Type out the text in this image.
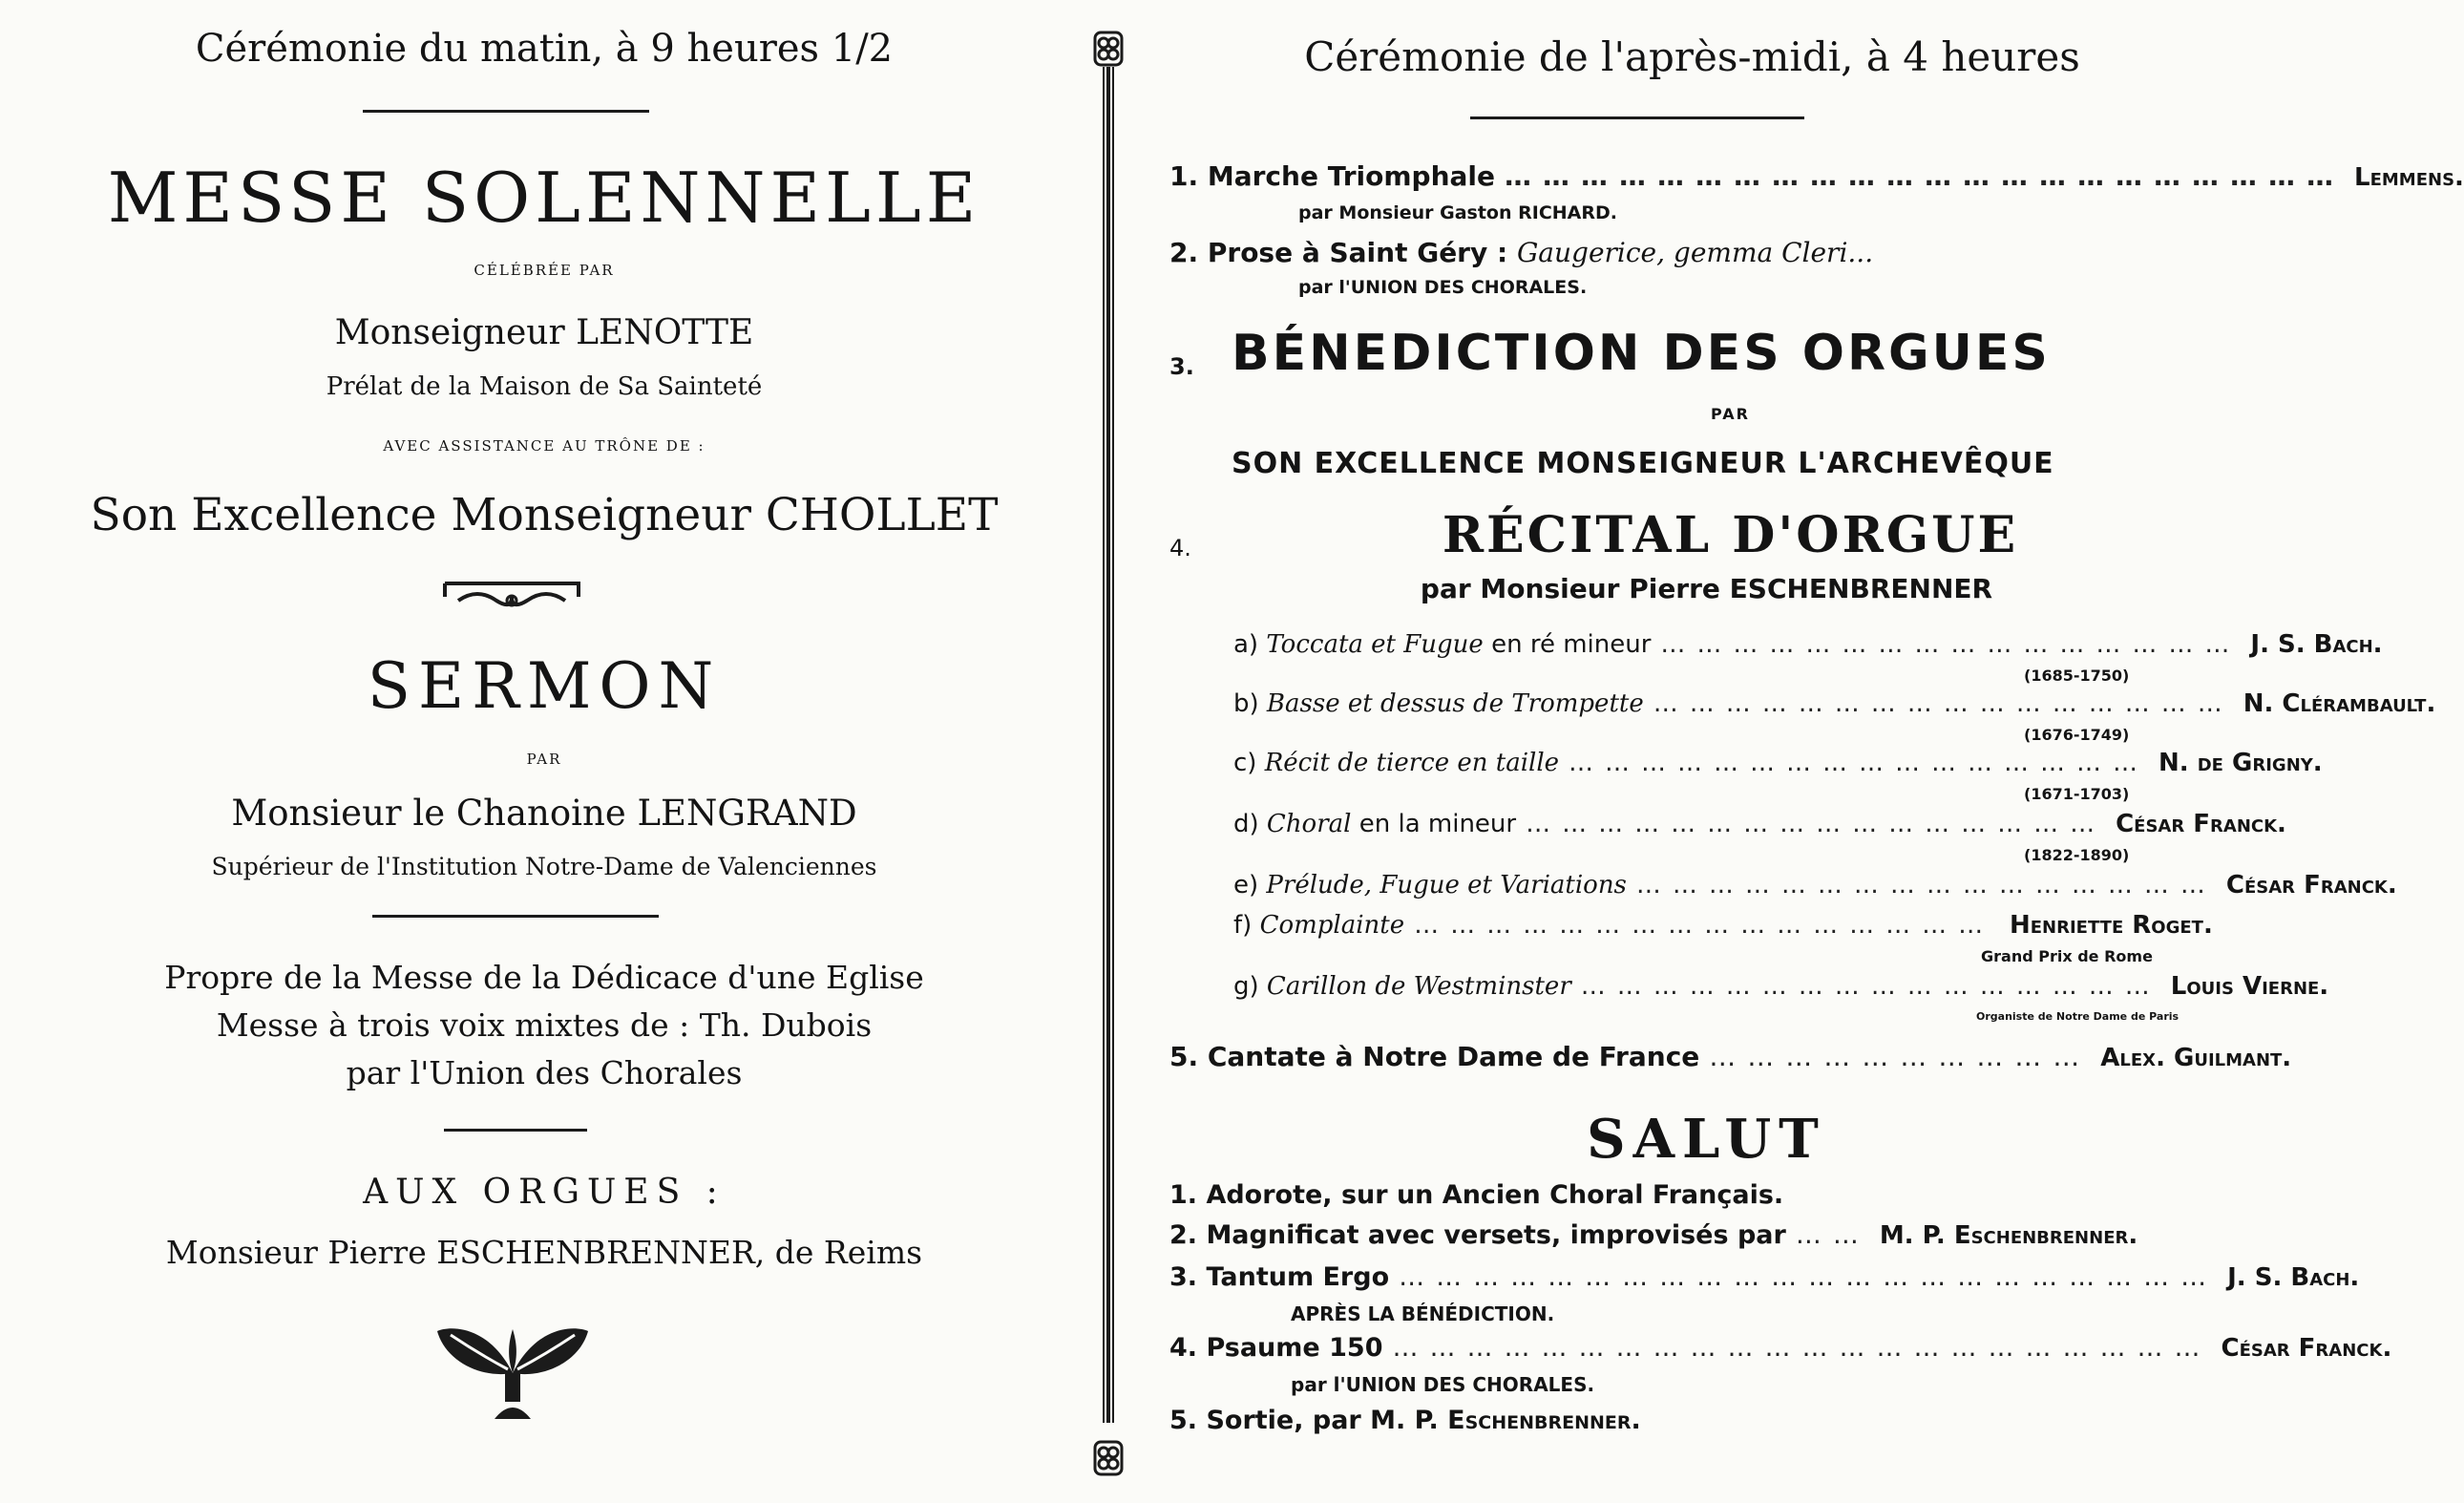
Cérémonie du matin, à 9 heures 1/2
MESSE SOLENNELLE
CÉLÉBRÉE PAR
Monseigneur LENOTTE
Prélat de la Maison de Sa Sainteté
AVEC ASSISTANCE AU TRÔNE DE :
Son Excellence Monseigneur CHOLLET
SERMON
PAR
Monsieur le Chanoine LENGRAND
Supérieur de l'Institution Notre-Dame de Valenciennes
Propre de la Messe de la Dédicace d'une Eglise
Messe à trois voix mixtes de : Th. Dubois
par l'Union des Chorales
AUX ORGUES :
Monsieur Pierre ESCHENBRENNER, de Reims
Cérémonie de l'après-midi, à 4 heures
1. Marche Triomphale ………………………………………………………… Lemmens.
par Monsieur Gaston RICHARD.
2. Prose à Saint Géry : Gaugerice, gemma Cleri...
par l'UNION DES CHORALES.
3. BÉNEDICTION DES ORGUES
PAR
SON EXCELLENCE MONSEIGNEUR L'ARCHEVÊQUE
4.	RÉCITAL D'ORGUE
par Monsieur Pierre ESCHENBRENNER
a) Toccata et Fugue en ré mineur ………………………………………… J. S. Bach.
(1685-1750)
b) Basse et dessus de Trompette ………………………………………… N. Clérambault.
(1676-1749)
c) Récit de tierce en taille ………………………………………… N. de Grigny.
(1671-1703)
d) Choral en la mineur ………………………………………… César Franck.
(1822-1890)
e) Prélude, Fugue et Variations ………………………………………… César Franck.
f) Complainte ………………………………………… Henriette Roget.
Grand Prix de Rome
g) Carillon de Westminster ………………………………………… Louis Vierne.
Organiste de Notre Dame de Paris
5. Cantate à Notre Dame de France ………………………… Alex. Guilmant.
SALUT
1. Adorote, sur un Ancien Choral Français.
2. Magnificat avec versets, improvisés par …… M. P. Eschenbrenner.
3. Tantum Ergo ………………………………………………………… J. S. Bach.
APRÈS LA BÉNÉDICTION.
4. Psaume 150 ………………………………………………………… César Franck.
par l'UNION DES CHORALES.
5. Sortie, par M. P. Eschenbrenner.
